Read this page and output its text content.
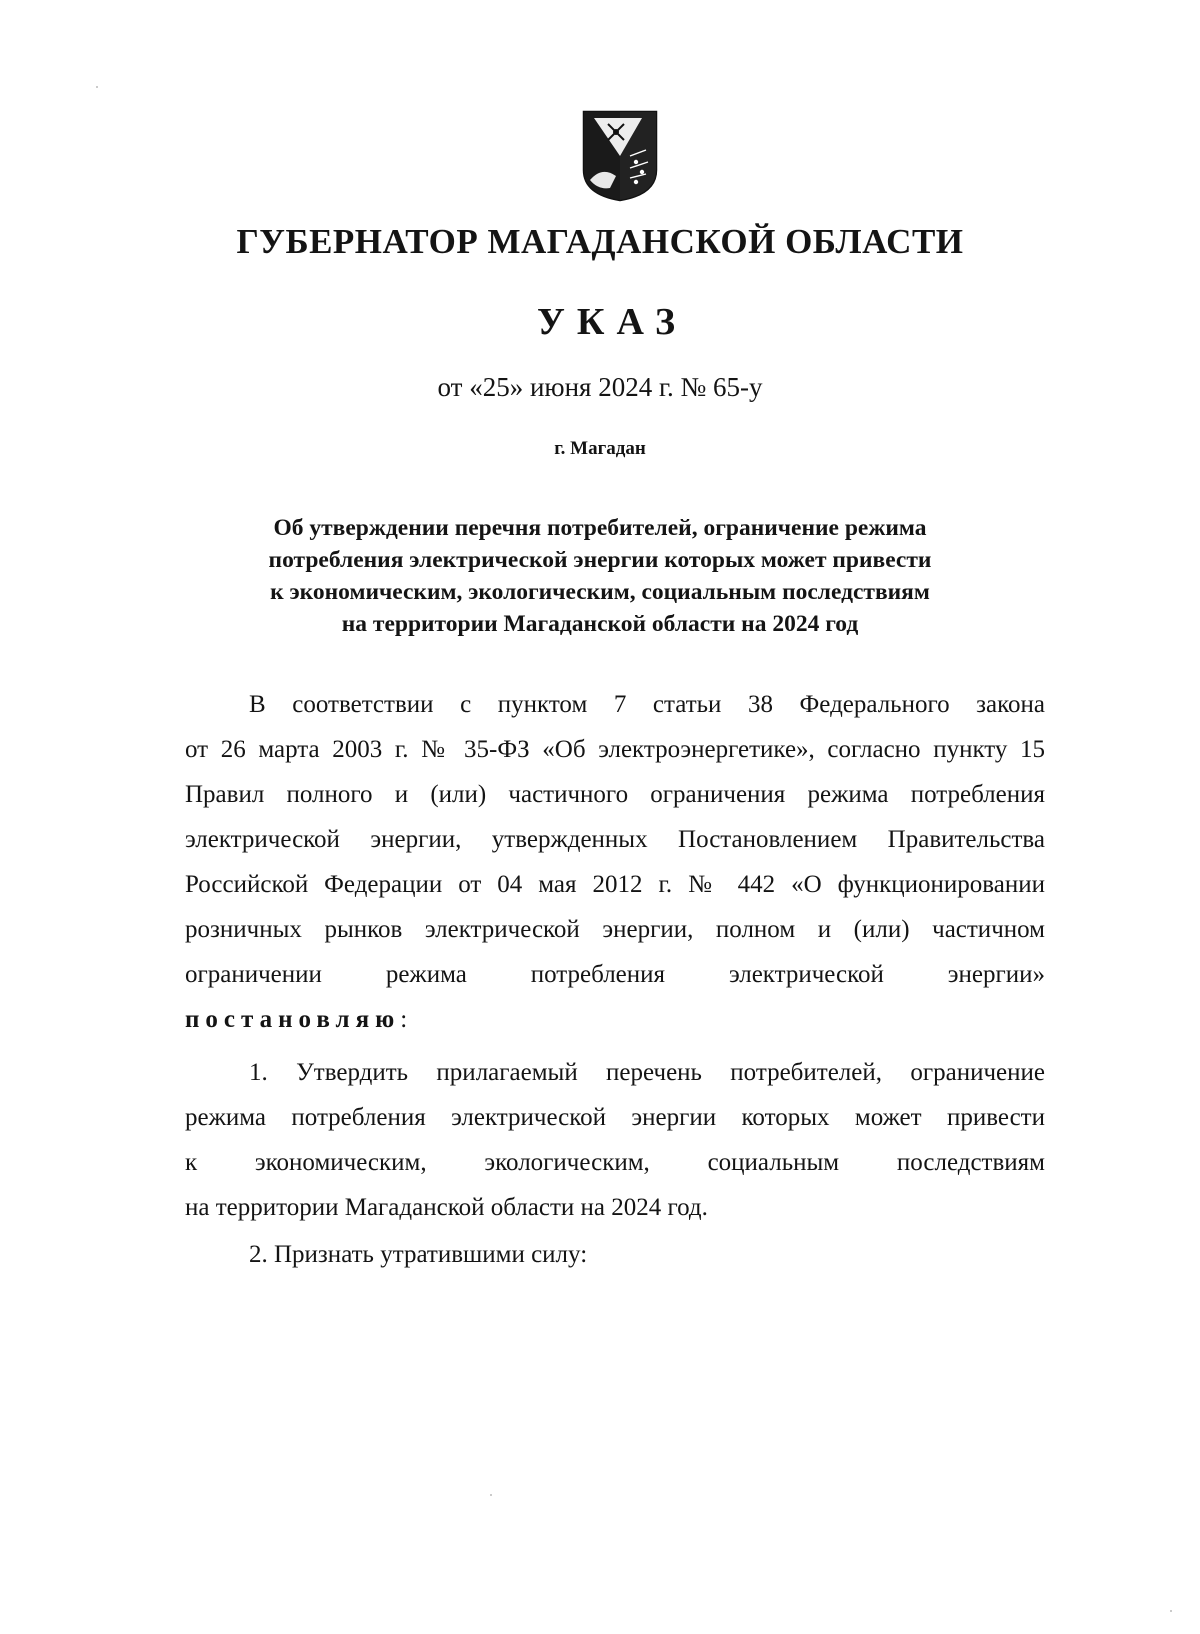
ГУБЕРНАТОР МАГАДАНСКОЙ ОБЛАСТИ
УКАЗ
от «25» июня 2024 г. № 65-у
г. Магадан
Об утверждении перечня потребителей, ограничение режима
потребления электрической энергии которых может привести
к экономическим, экологическим, социальным последствиям
на территории Магаданской области на 2024 год
В соответствии с пунктом 7 статьи 38 Федерального закона
от 26 марта 2003 г. № 35-ФЗ «Об электроэнергетике», согласно пункту 15
Правил полного и (или) частичного ограничения режима потребления
электрической энергии, утвержденных Постановлением Правительства
Российской Федерации от 04 мая 2012 г. № 442 «О функционировании
розничных рынков электрической энергии, полном и (или) частичном
ограничении режима потребления электрической энергии»
постановляю:
1. Утвердить прилагаемый перечень потребителей, ограничение
режима потребления электрической энергии которых может привести
к экономическим, экологическим, социальным последствиям
на территории Магаданской области на 2024 год.
2. Признать утратившими силу:
